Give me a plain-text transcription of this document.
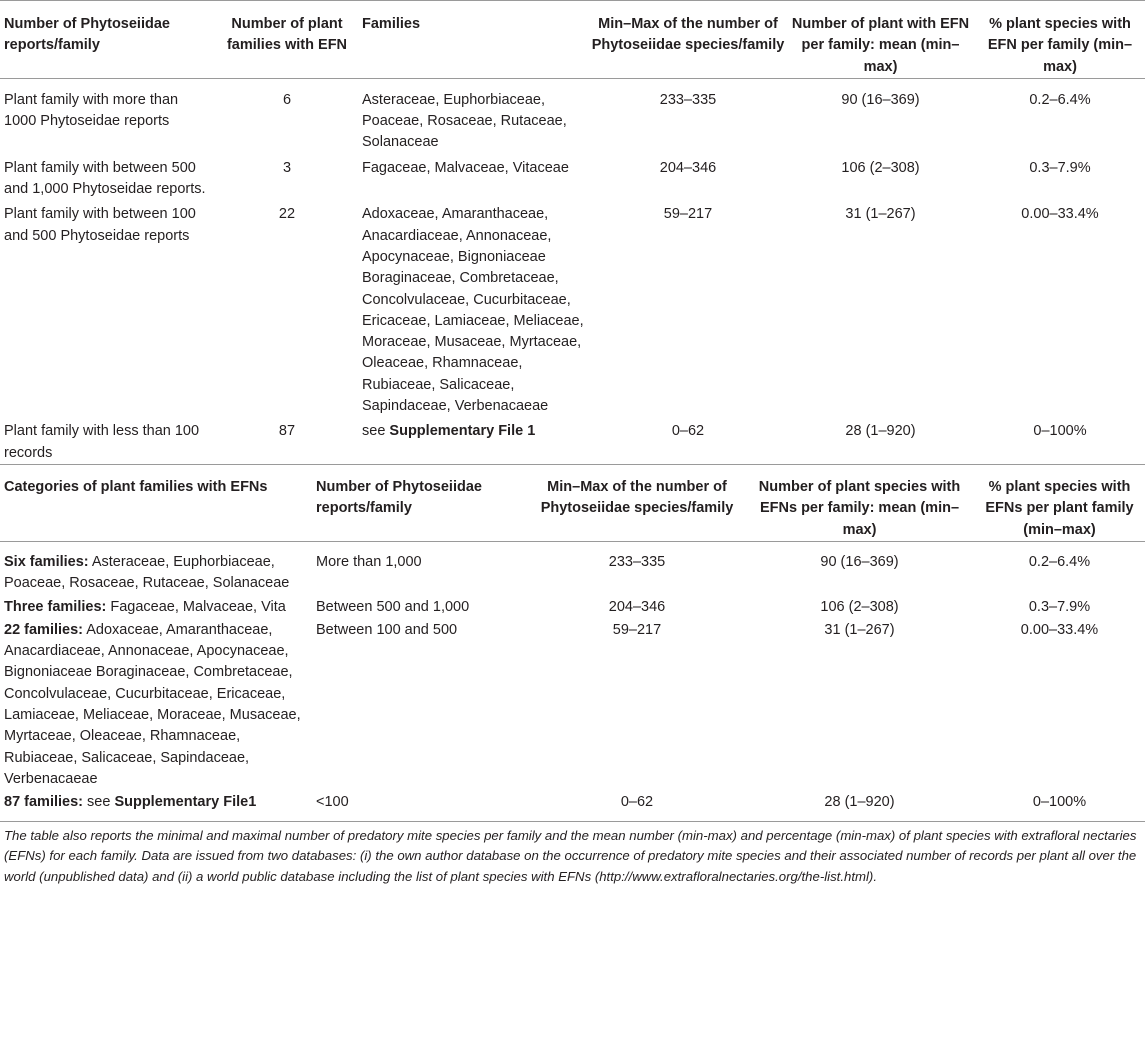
Number of Phytoseiidae reports/family	Number of plant families with EFN	Families	Min–Max of the number of Phytoseiidae species/family	Number of plant with EFN per family: mean (min–max)	% plant species with EFN per family (min–max)
Plant family with more than 1000 Phytoseidae reports	6	Asteraceae, Euphorbiaceae, Poaceae, Rosaceae, Rutaceae, Solanaceae	233–335	90 (16–369)	0.2–6.4%
Plant family with between 500 and 1,000 Phytoseidae reports.	3	Fagaceae, Malvaceae, Vitaceae	204–346	106 (2–308)	0.3–7.9%
Plant family with between 100 and 500 Phytoseidae reports	22	Adoxaceae, Amaranthaceae, Anacardiaceae, Annonaceae, Apocynaceae, Bignoniaceae Boraginaceae, Combretaceae, Concolvulaceae, Cucurbitaceae, Ericaceae, Lamiaceae, Meliaceae, Moraceae, Musaceae, Myrtaceae, Oleaceae, Rhamnaceae, Rubiaceae, Salicaceae, Sapindaceae, Verbenacaeae	59–217	31 (1–267)	0.00–33.4%
Plant family with less than 100 records	87	see Supplementary File 1	0–62	28 (1–920)	0–100%
Categories of plant families with EFNs	Number of Phytoseiidae reports/family	Min–Max of the number of Phytoseiidae species/family	Number of plant species with EFNs per family: mean (min–max)	% plant species with EFNs per plant family (min–max)
Six families: Asteraceae, Euphorbiaceae, Poaceae, Rosaceae, Rutaceae, Solanaceae	More than 1,000	233–335	90 (16–369)	0.2–6.4%
Three families: Fagaceae, Malvaceae, Vita	Between 500 and 1,000	204–346	106 (2–308)	0.3–7.9%
22 families: Adoxaceae, Amaranthaceae, Anacardiaceae, Annonaceae, Apocynaceae, Bignoniaceae Boraginaceae, Combretaceae, Concolvulaceae, Cucurbitaceae, Ericaceae, Lamiaceae, Meliaceae, Moraceae, Musaceae, Myrtaceae, Oleaceae, Rhamnaceae, Rubiaceae, Salicaceae, Sapindaceae, Verbenacaeae	Between 100 and 500	59–217	31 (1–267)	0.00–33.4%
87 families: see Supplementary File1	<100	0–62	28 (1–920)	0–100%
The table also reports the minimal and maximal number of predatory mite species per family and the mean number (min-max) and percentage (min-max) of plant species with extrafloral nectaries (EFNs) for each family. Data are issued from two databases: (i) the own author database on the occurrence of predatory mite species and their associated number of records per plant all over the world (unpublished data) and (ii) a world public database including the list of plant species with EFNs (http://www.extrafloralnectaries.org/the-list.html).
